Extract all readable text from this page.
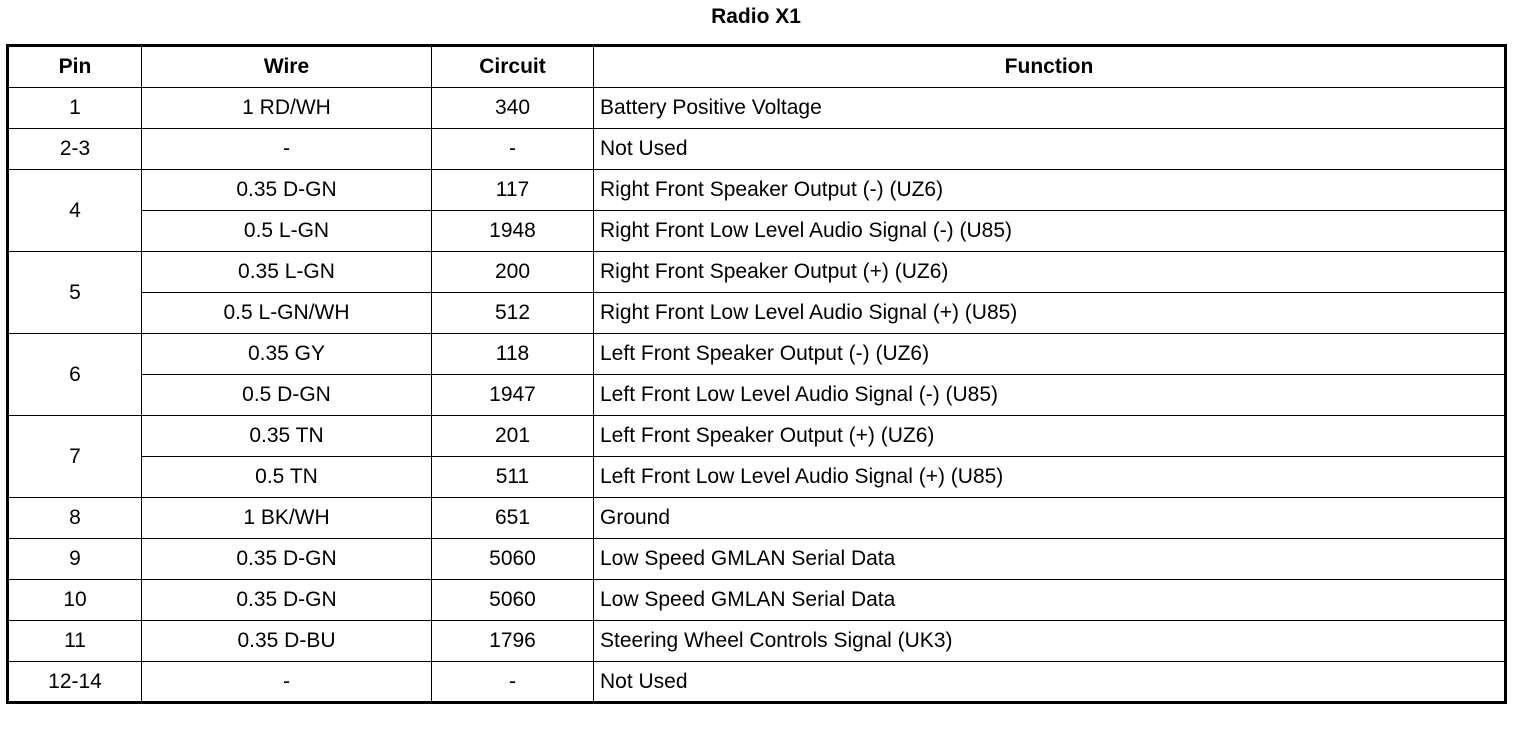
Radio X1
Pin	Wire	Circuit	Function
1	1 RD/WH	340	Battery Positive Voltage
2-3	-	-	Not Used
4	0.35 D-GN	117	Right Front Speaker Output (-) (UZ6)
	0.5 L-GN	1948	Right Front Low Level Audio Signal (-) (U85)
5	0.35 L-GN	200	Right Front Speaker Output (+) (UZ6)
	0.5 L-GN/WH	512	Right Front Low Level Audio Signal (+) (U85)
6	0.35 GY	118	Left Front Speaker Output (-) (UZ6)
	0.5 D-GN	1947	Left Front Low Level Audio Signal (-) (U85)
7	0.35 TN	201	Left Front Speaker Output (+) (UZ6)
	0.5 TN	511	Left Front Low Level Audio Signal (+) (U85)
8	1 BK/WH	651	Ground
9	0.35 D-GN	5060	Low Speed GMLAN Serial Data
10	0.35 D-GN	5060	Low Speed GMLAN Serial Data
11	0.35 D-BU	1796	Steering Wheel Controls Signal (UK3)
12-14	-	-	Not Used
